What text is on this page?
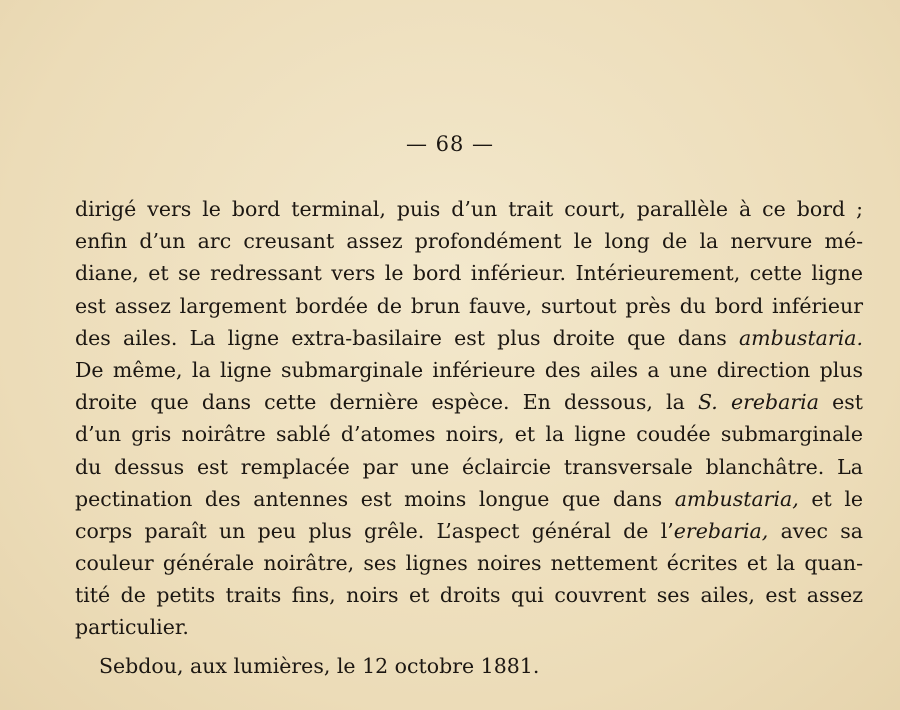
— 68 —
dirigé vers le bord terminal, puis d’un trait court, parallèle à ce bord ;
enfin d’un arc creusant assez profondément le long de la nervure mé-
diane, et se redressant vers le bord inférieur. Intérieurement, cette ligne
est assez largement bordée de brun fauve, surtout près du bord inférieur
des ailes. La ligne extra-basilaire est plus droite que dans ambustaria.
De même, la ligne submarginale inférieure des ailes a une direction plus
droite que dans cette dernière espèce. En dessous, la S. erebaria est
d’un gris noirâtre sablé d’atomes noirs, et la ligne coudée submarginale
du dessus est remplacée par une éclaircie transversale blanchâtre. La
pectination des antennes est moins longue que dans ambustaria, et le
corps paraît un peu plus grêle. L’aspect général de l’erebaria, avec sa
couleur générale noirâtre, ses lignes noires nettement écrites et la quan-
tité de petits traits fins, noirs et droits qui couvrent ses ailes, est assez
particulier.
Sebdou, aux lumières, le 12 octobre 1881.
